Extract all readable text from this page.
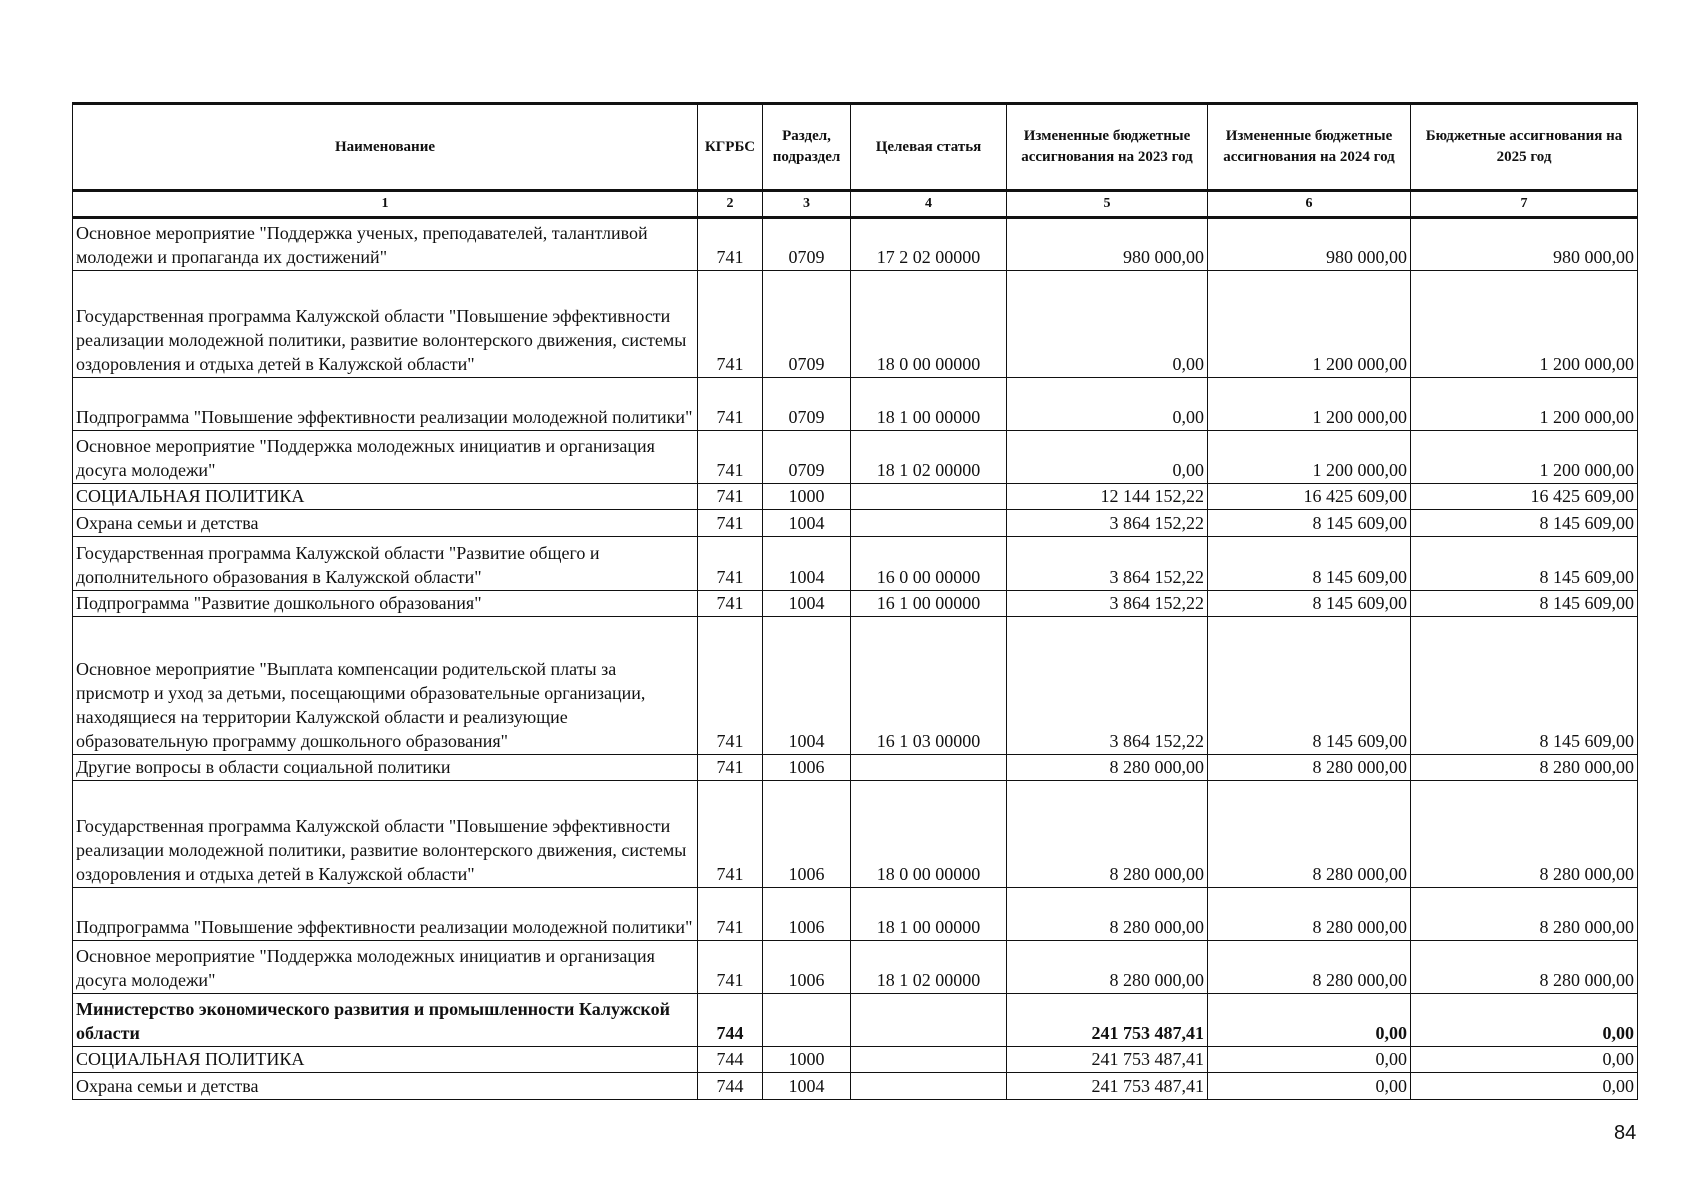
Наименование	КГРБС	Раздел, подраздел	Целевая статья	Измененные бюджетные ассигнования на 2023 год	Измененные бюджетные ассигнования на 2024 год	Бюджетные ассигнования на 2025 год
1	2	3	4	5	6	7
Основное мероприятие "Поддержка ученых, преподавателей, талантливой молодежи и пропаганда их достижений"	741	0709	17 2 02 00000	980 000,00	980 000,00	980 000,00
Государственная программа Калужской области "Повышение эффективности реализации молодежной политики, развитие волонтерского движения, системы оздоровления и отдыха детей в Калужской области"	741	0709	18 0 00 00000	0,00	1 200 000,00	1 200 000,00
Подпрограмма "Повышение эффективности реализации молодежной политики"	741	0709	18 1 00 00000	0,00	1 200 000,00	1 200 000,00
Основное мероприятие "Поддержка молодежных инициатив и организация досуга молодежи"	741	0709	18 1 02 00000	0,00	1 200 000,00	1 200 000,00
СОЦИАЛЬНАЯ ПОЛИТИКА	741	1000		12 144 152,22	16 425 609,00	16 425 609,00
Охрана семьи и детства	741	1004		3 864 152,22	8 145 609,00	8 145 609,00
Государственная программа Калужской области "Развитие общего и дополнительного образования в Калужской области"	741	1004	16 0 00 00000	3 864 152,22	8 145 609,00	8 145 609,00
Подпрограмма "Развитие дошкольного образования"	741	1004	16 1 00 00000	3 864 152,22	8 145 609,00	8 145 609,00
Основное мероприятие "Выплата компенсации родительской платы за присмотр и уход за детьми, посещающими образовательные организации, находящиеся на территории Калужской области и реализующие образовательную программу дошкольного образования"	741	1004	16 1 03 00000	3 864 152,22	8 145 609,00	8 145 609,00
Другие вопросы в области социальной политики	741	1006		8 280 000,00	8 280 000,00	8 280 000,00
Государственная программа Калужской области "Повышение эффективности реализации молодежной политики, развитие волонтерского движения, системы оздоровления и отдыха детей в Калужской области"	741	1006	18 0 00 00000	8 280 000,00	8 280 000,00	8 280 000,00
Подпрограмма "Повышение эффективности реализации молодежной политики"	741	1006	18 1 00 00000	8 280 000,00	8 280 000,00	8 280 000,00
Основное мероприятие "Поддержка молодежных инициатив и организация досуга молодежи"	741	1006	18 1 02 00000	8 280 000,00	8 280 000,00	8 280 000,00
Министерство экономического развития и промышленности Калужской области	744			241 753 487,41	0,00	0,00
СОЦИАЛЬНАЯ ПОЛИТИКА	744	1000		241 753 487,41	0,00	0,00
Охрана семьи и детства	744	1004		241 753 487,41	0,00	0,00
84
